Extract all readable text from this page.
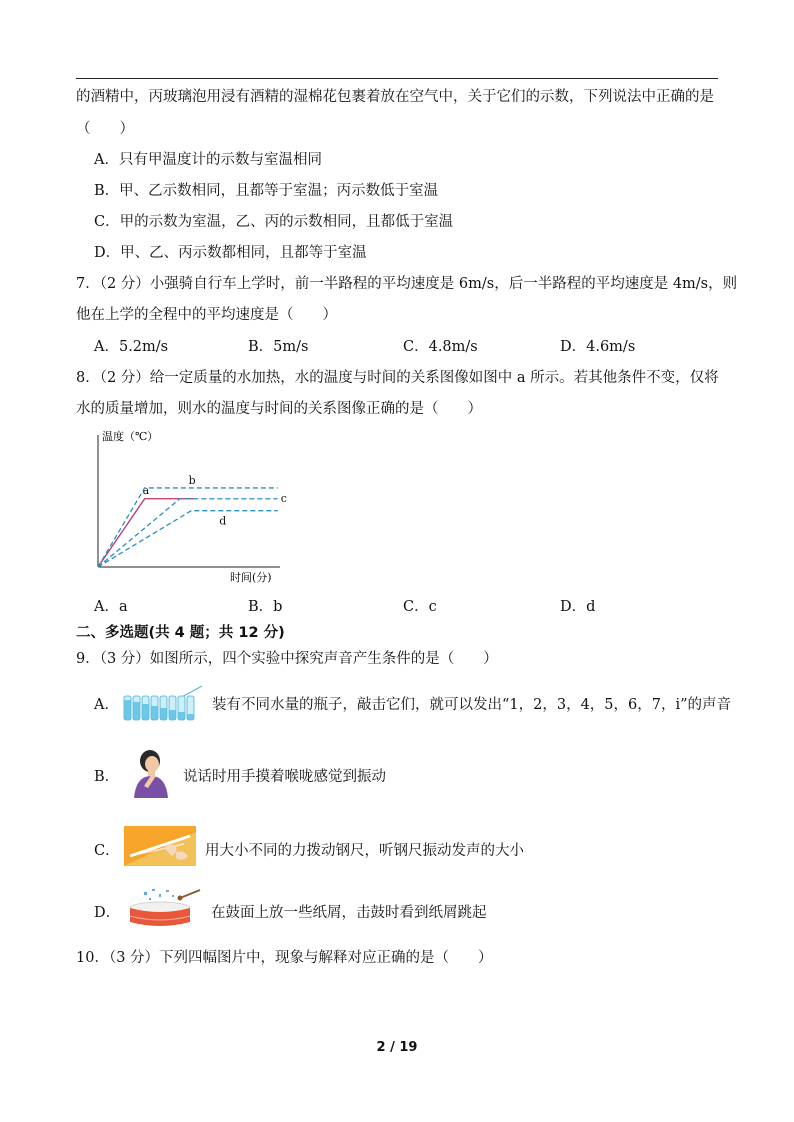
的酒精中，丙玻璃泡用浸有酒精的湿棉花包裹着放在空气中，关于它们的示数，下列说法中正确的是
（　　）
A．只有甲温度计的示数与室温相同
B．甲、乙示数相同，且都等于室温；丙示数低于室温
C．甲的示数为室温，乙、丙的示数相同，且都低于室温
D．甲、乙、丙示数都相同，且都等于室温
7．（2 分）小强骑自行车上学时，前一半路程的平均速度是 6m/s，后一半路程的平均速度是 4m/s，则
他在上学的全程中的平均速度是（　　）
A．5.2m/s	B．5m/s	C．4.8m/s	D．4.6m/s
8．（2 分）给一定质量的水加热，水的温度与时间的关系图像如图中 a 所示。若其他条件不变，仅将
水的质量增加，则水的温度与时间的关系图像正确的是（　　）
温度（℃）
时间(分)
a
b
c
d
A．a	B．b	C．c	D．d
二、多选题(共 4 题；共 12 分)
9．（3 分）如图所示，四个实验中探究声音产生条件的是（　　）
A．	装有不同水量的瓶子，敲击它们，就可以发出“1，2，3，4，5，6，7，i”的声音
B．	说话时用手摸着喉咙感觉到振动
C．	用大小不同的力拨动钢尺，听钢尺振动发声的大小
D．	在鼓面上放一些纸屑，击鼓时看到纸屑跳起
10．（3 分）下列四幅图片中，现象与解释对应正确的是（　　）
2 / 19
